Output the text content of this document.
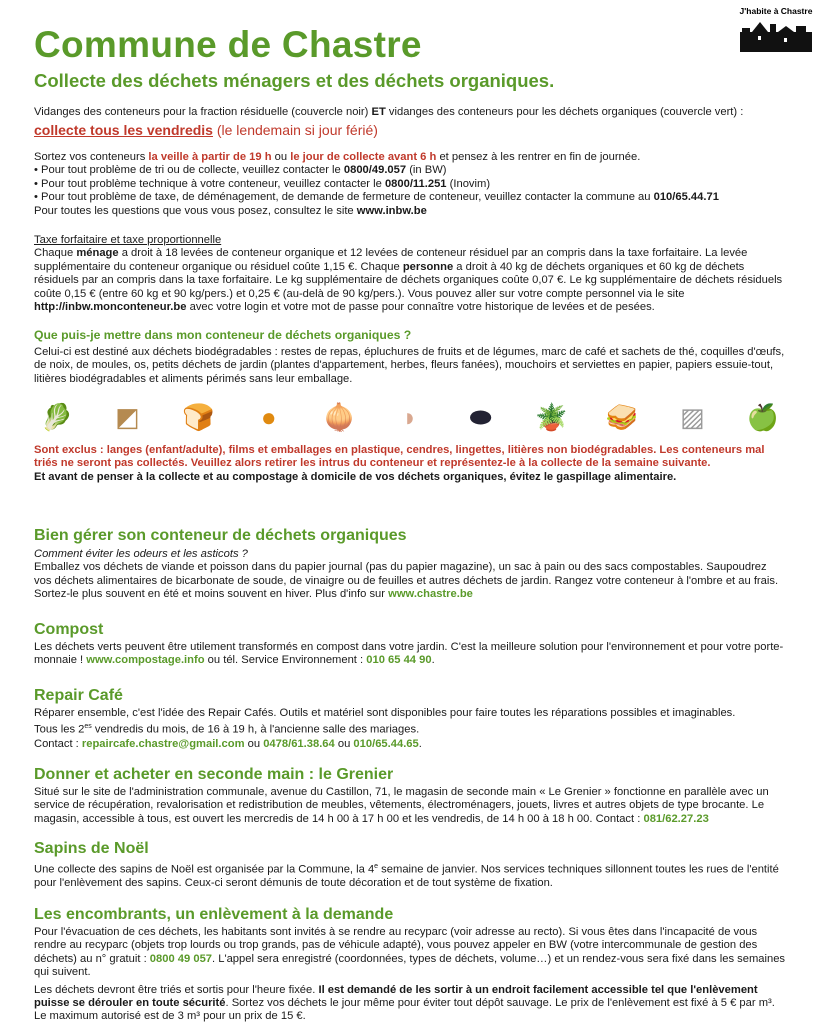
J'habite à Chastre
Commune de Chastre
Collecte des déchets ménagers et des déchets organiques.
Vidanges des conteneurs pour la fraction résiduelle (couvercle noir) ET vidanges des conteneurs pour les déchets organiques (couvercle vert) :
collecte tous les vendredis (le lendemain si jour férié)
Sortez vos conteneurs la veille à partir de 19 h ou le jour de collecte avant 6 h et pensez à les rentrer en fin de journée.
• Pour tout problème de tri ou de collecte, veuillez contacter le 0800/49.057 (in BW)
• Pour tout problème technique à votre conteneur, veuillez contacter le 0800/11.251 (Inovim)
• Pour tout problème de taxe, de déménagement, de demande de fermeture de conteneur, veuillez contacter la commune au 010/65.44.71
Pour toutes les questions que vous vous posez, consultez le site www.inbw.be
Taxe forfaitaire et taxe proportionnelle
Chaque ménage a droit à 18 levées de conteneur organique et 12 levées de conteneur résiduel par an compris dans la taxe forfaitaire. La levée supplémentaire du conteneur organique ou résiduel coûte 1,15 €. Chaque personne a droit à 40 kg de déchets organiques et 60 kg de déchets résiduels par an compris dans la taxe forfaitaire. Le kg supplémentaire de déchets organiques coûte 0,07 €. Le kg supplémentaire de déchets résiduels coûte 0,15 € (entre 60 kg et 90 kg/pers.) et 0,25 € (au-delà de 90 kg/pers.). Vous pouvez aller sur votre compte personnel via le site http://inbw.monconteneur.be avec votre login et votre mot de passe pour connaître votre historique de levées et de pesées.
Que puis-je mettre dans mon conteneur de déchets organiques ?
Celui-ci est destiné aux déchets biodégradables : restes de repas, épluchures de fruits et de légumes, marc de café et sachets de thé, coquilles d'œufs, de noix, de moules, os, petits déchets de jardin (plantes d'appartement, herbes, fleurs fanées), mouchoirs et serviettes en papier, papiers essuie-tout, litières biodégradables et aliments périmés sans leur emballage.
🥬	◩	🍞	●	🧅	◗	⬬	🪴 🥪	▨	🍏
Sont exclus : langes (enfant/adulte), films et emballages en plastique, cendres, lingettes, litières non biodégradables. Les conteneurs mal triés ne seront pas collectés. Veuillez alors retirer les intrus du conteneur et représentez-le à la collecte de la semaine suivante.
Et avant de penser à la collecte et au compostage à domicile de vos déchets organiques, évitez le gaspillage alimentaire.
Bien gérer son conteneur de déchets organiques
Comment éviter les odeurs et les asticots ?
Emballez vos déchets de viande et poisson dans du papier journal (pas du papier magazine), un sac à pain ou des sacs compostables. Saupoudrez vos déchets alimentaires de bicarbonate de soude, de vinaigre ou de feuilles et autres déchets de jardin. Rangez votre conteneur à l'ombre et au frais. Sortez-le plus souvent en été et moins souvent en hiver. Plus d'info sur www.chastre.be
Compost
Les déchets verts peuvent être utilement transformés en compost dans votre jardin. C'est la meilleure solution pour l'environnement et pour votre porte-monnaie ! www.compostage.info ou tél. Service Environnement : 010 65 44 90.
Repair Café
Réparer ensemble, c'est l'idée des Repair Cafés. Outils et matériel sont disponibles pour faire toutes les réparations possibles et imaginables.
Tous les $2^{es}$ vendredis du mois, de 16 à 19 h, à l'ancienne salle des mariages.
Contact : repaircafe.chastre@gmail.com ou 0478/61.38.64 ou 010/65.44.65.
Donner et acheter en seconde main : le Grenier
Situé sur le site de l'administration communale, avenue du Castillon, 71, le magasin de seconde main « Le Grenier » fonctionne en parallèle avec un service de récupération, revalorisation et redistribution de meubles, vêtements, électroménagers, jouets, livres et autres objets de type brocante. Le magasin, accessible à tous, est ouvert les mercredis de 14 h 00 à 17 h 00 et les vendredis, de 14 h 00 à 18 h 00. Contact : 081/62.27.23
Sapins de Noël
Une collecte des sapins de Noël est organisée par la Commune, la 4e semaine de janvier. Nos services techniques sillonnent toutes les rues de l'entité pour l'enlèvement des sapins. Ceux-ci seront démunis de toute décoration et de tout système de fixation.
Les encombrants, un enlèvement à la demande
Pour l'évacuation de ces déchets, les habitants sont invités à se rendre au recyparc (voir adresse au recto). Si vous êtes dans l'incapacité de vous rendre au recyparc (objets trop lourds ou trop grands, pas de véhicule adapté), vous pouvez appeler en BW (votre intercommunale de gestion des déchets) au n° gratuit : 0800 49 057. L'appel sera enregistré (coordonnées, types de déchets, volume…) et un rendez-vous sera fixé dans les semaines qui suivent.
Les déchets devront être triés et sortis pour l'heure fixée. Il est demandé de les sortir à un endroit facilement accessible tel que l'enlèvement puisse se dérouler en toute sécurité. Sortez vos déchets le jour même pour éviter tout dépôt sauvage. Le prix de l'enlèvement est fixé à 5 € par m³. Le maximum autorisé est de 3 m³ pour un prix de 15 €.
